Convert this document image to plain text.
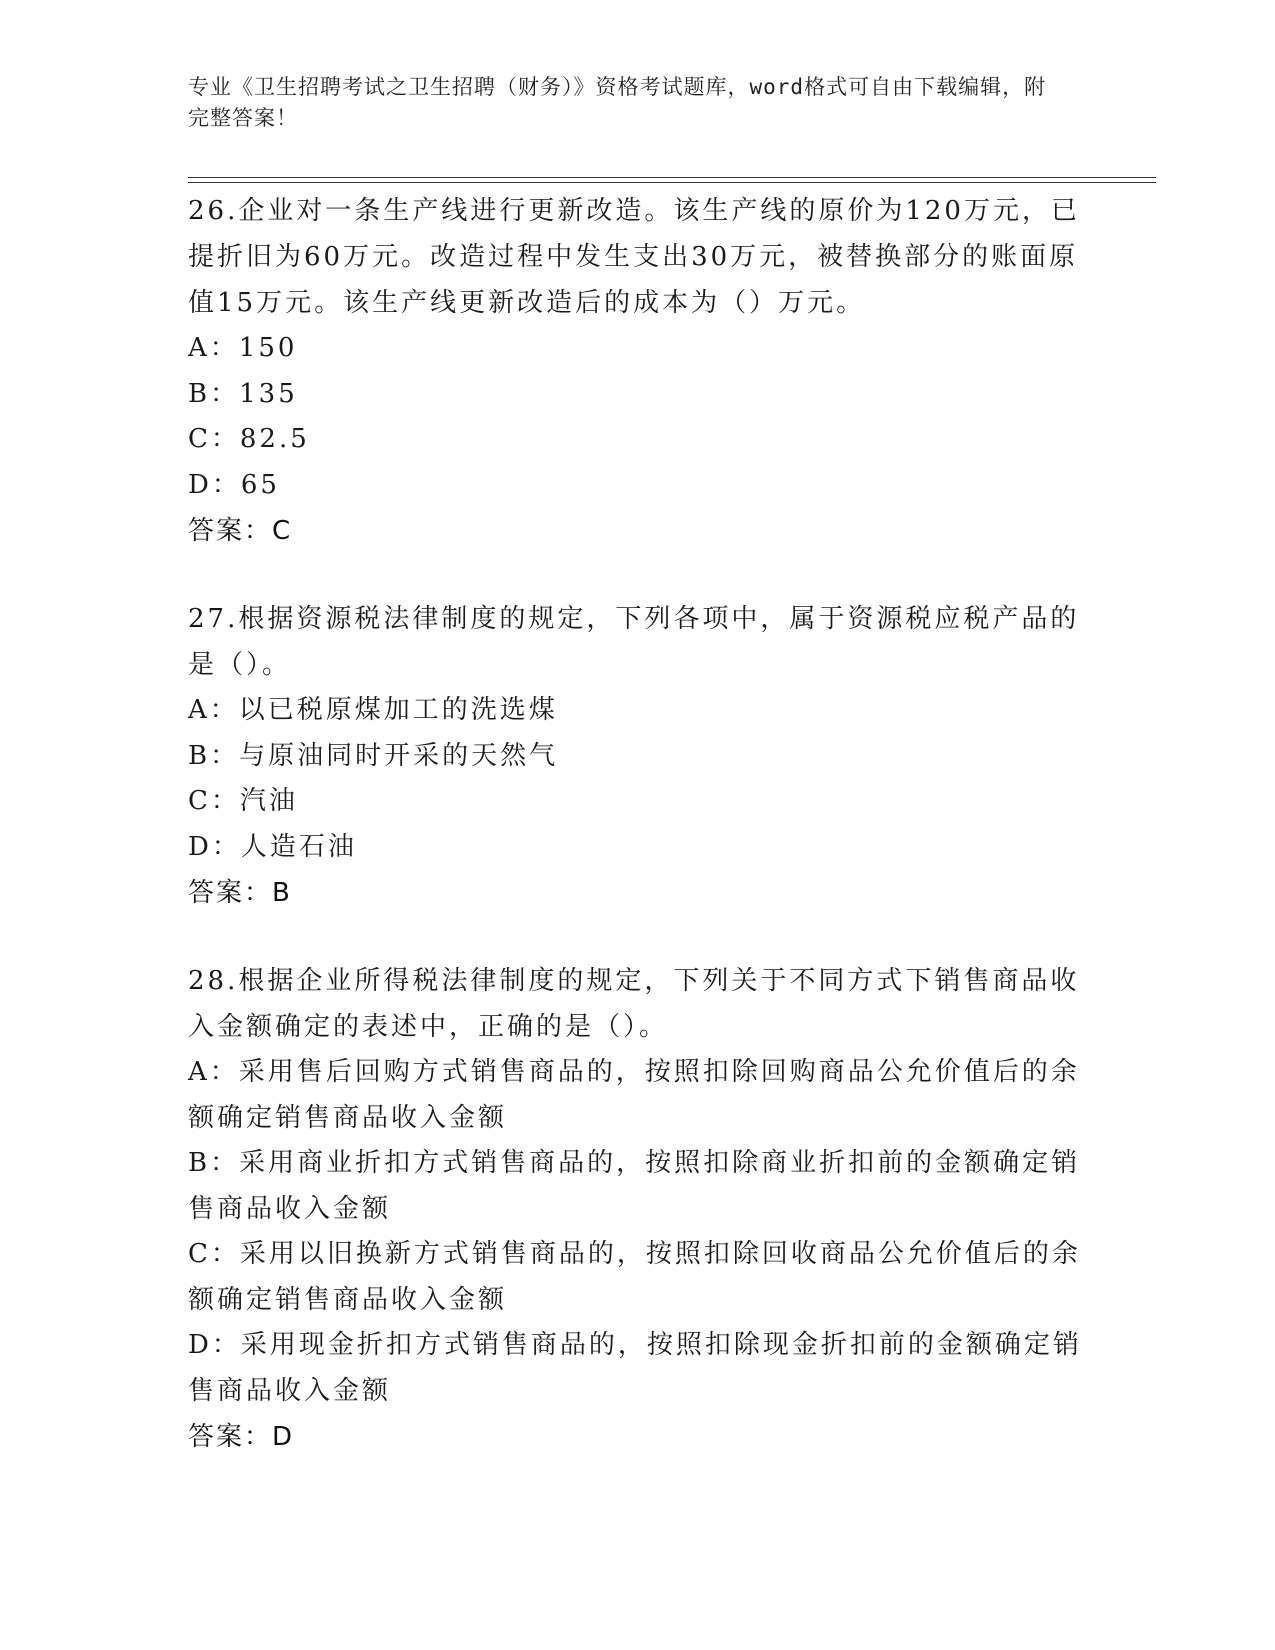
专业《卫生招聘考试之卫生招聘（财务）》资格考试题库，word格式可自由下载编辑，附完整答案！

26.企业对一条生产线进行更新改造。该生产线的原价为120万元，已提折旧为60万元。改造过程中发生支出30万元，被替换部分的账面原值15万元。该生产线更新改造后的成本为（）万元。

A：150

B：135

C：82.5

D：65

答案：C

27.根据资源税法律制度的规定，下列各项中，属于资源税应税产品的是（）。

A：以已税原煤加工的洗选煤

B：与原油同时开采的天然气

C：汽油

D：人造石油

答案：B

28.根据企业所得税法律制度的规定，下列关于不同方式下销售商品收入金额确定的表述中，正确的是（）。

A：采用售后回购方式销售商品的，按照扣除回购商品公允价值后的余额确定销售商品收入金额

B：采用商业折扣方式销售商品的，按照扣除商业折扣前的金额确定销售商品收入金额

C：采用以旧换新方式销售商品的，按照扣除回收商品公允价值后的余额确定销售商品收入金额

D：采用现金折扣方式销售商品的，按照扣除现金折扣前的金额确定销售商品收入金额

答案：D
